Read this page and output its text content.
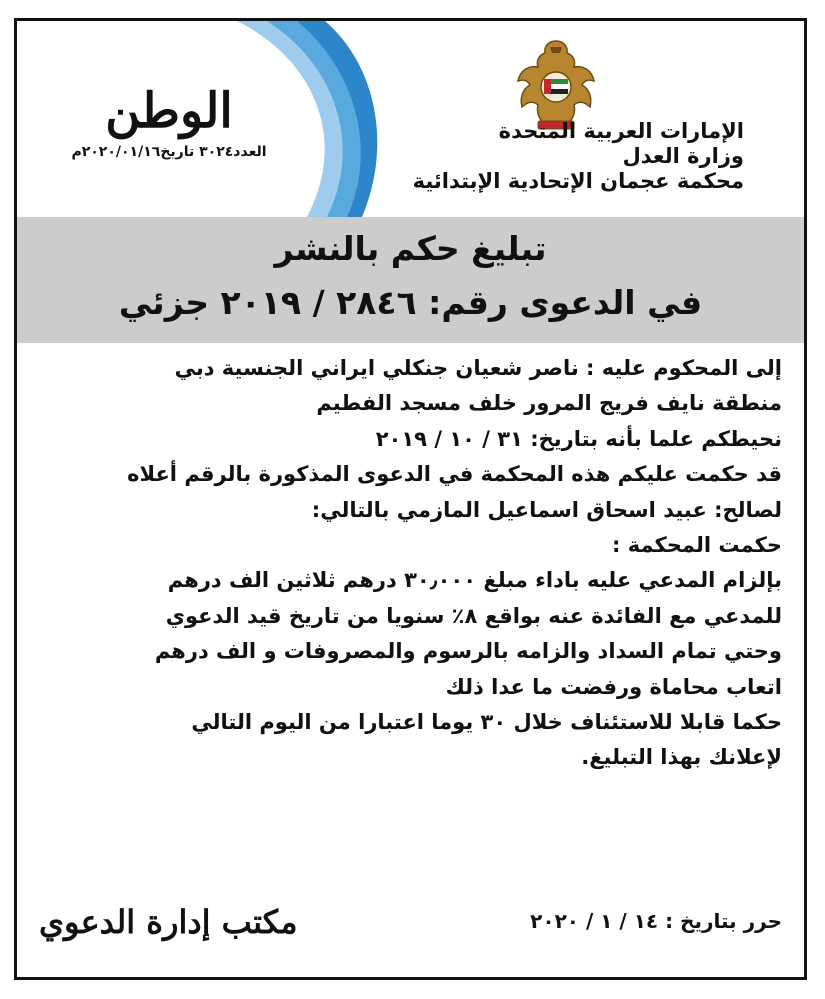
الوطن
العدد٣٠٢٤ تاريخ٢٠٢٠/٠١/١٦م
الإمارات العربية المتحدة
وزارة العدل
محكمة عجمان الإتحادية الإبتدائية
تبليغ حكم بالنشر
في الدعوى رقم: ٢٨٤٦ / ٢٠١٩ جزئي
إلى المحكوم عليه : ناصر شعيان جنكلي ايراني الجنسية دبي
منطقة نايف فريج المرور خلف مسجد الفطيم
نحيطكم علما بأنه بتاريخ: ٣١ / ١٠ / ٢٠١٩
قد حكمت عليكم هذه المحكمة في الدعوى المذكورة بالرقم أعلاه
لصالح: عبيد اسحاق اسماعيل المازمي بالتالي:
حكمت المحكمة :
بإلزام المدعي عليه باداء مبلغ ٣٠٫٠٠٠ درهم ثلاثين الف درهم
للمدعي مع الفائدة عنه بواقع ٨٪ سنويا من تاريخ قيد الدعوي
وحتي تمام السداد والزامه بالرسوم والمصروفات و الف درهم
اتعاب محاماة ورفضت ما عدا ذلك
حكما قابلا للاستئناف خلال ٣٠ يوما اعتبارا من اليوم التالي
لإعلانك بهذا التبليغ.
حرر بتاريخ : ١٤ / ١ / ٢٠٢٠
مكتب إدارة الدعوي
